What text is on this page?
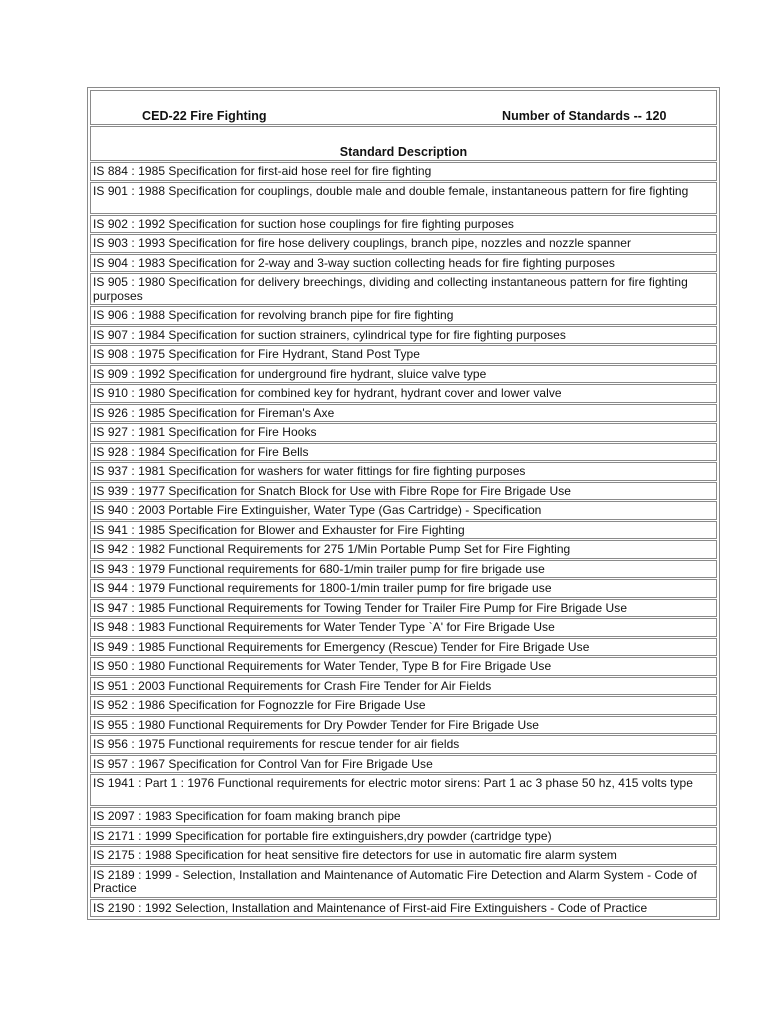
CED-22 Fire Fighting	Number of Standards -- 120
Standard Description
IS 884 : 1985 Specification for first-aid hose reel for fire fighting
IS 901 : 1988 Specification for couplings, double male and double female, instantaneous pattern for fire fighting
IS 902 : 1992 Specification for suction hose couplings for fire fighting purposes
IS 903 : 1993 Specification for fire hose delivery couplings, branch pipe, nozzles and nozzle spanner
IS 904 : 1983 Specification for 2-way and 3-way suction collecting heads for fire fighting purposes
IS 905 : 1980 Specification for delivery breechings, dividing and collecting instantaneous pattern for fire fighting purposes
IS 906 : 1988 Specification for revolving branch pipe for fire fighting
IS 907 : 1984 Specification for suction strainers, cylindrical type for fire fighting purposes
IS 908 : 1975 Specification for Fire Hydrant, Stand Post Type
IS 909 : 1992 Specification for underground fire hydrant, sluice valve type
IS 910 : 1980 Specification for combined key for hydrant, hydrant cover and lower valve
IS 926 : 1985 Specification for Fireman's Axe
IS 927 : 1981 Specification for Fire Hooks
IS 928 : 1984 Specification for Fire Bells
IS 937 : 1981 Specification for washers for water fittings for fire fighting purposes
IS 939 : 1977 Specification for Snatch Block for Use with Fibre Rope for Fire Brigade Use
IS 940 : 2003 Portable Fire Extinguisher, Water Type (Gas Cartridge) - Specification
IS 941 : 1985 Specification for Blower and Exhauster for Fire Fighting
IS 942 : 1982 Functional Requirements for 275 1/Min Portable Pump Set for Fire Fighting
IS 943 : 1979 Functional requirements for 680-1/min trailer pump for fire brigade use
IS 944 : 1979 Functional requirements for 1800-1/min trailer pump for fire brigade use
IS 947 : 1985 Functional Requirements for Towing Tender for Trailer Fire Pump for Fire Brigade Use
IS 948 : 1983 Functional Requirements for Water Tender Type `A' for Fire Brigade Use
IS 949 : 1985 Functional Requirements for Emergency (Rescue) Tender for Fire Brigade Use
IS 950 : 1980 Functional Requirements for Water Tender, Type B for Fire Brigade Use
IS 951 : 2003 Functional Requirements for Crash Fire Tender for Air Fields
IS 952 : 1986 Specification for Fognozzle for Fire Brigade Use
IS 955 : 1980 Functional Requirements for Dry Powder Tender for Fire Brigade Use
IS 956 : 1975 Functional requirements for rescue tender for air fields
IS 957 : 1967 Specification for Control Van for Fire Brigade Use
IS 1941 : Part 1 : 1976 Functional requirements for electric motor sirens: Part 1 ac 3 phase 50 hz, 415 volts type
IS 2097 : 1983 Specification for foam making branch pipe
IS 2171 : 1999 Specification for portable fire extinguishers,dry powder (cartridge type)
IS 2175 : 1988 Specification for heat sensitive fire detectors for use in automatic fire alarm system
IS 2189 : 1999 - Selection, Installation and Maintenance of Automatic Fire Detection and Alarm System - Code of Practice
IS 2190 : 1992 Selection, Installation and Maintenance of First-aid Fire Extinguishers - Code of Practice
